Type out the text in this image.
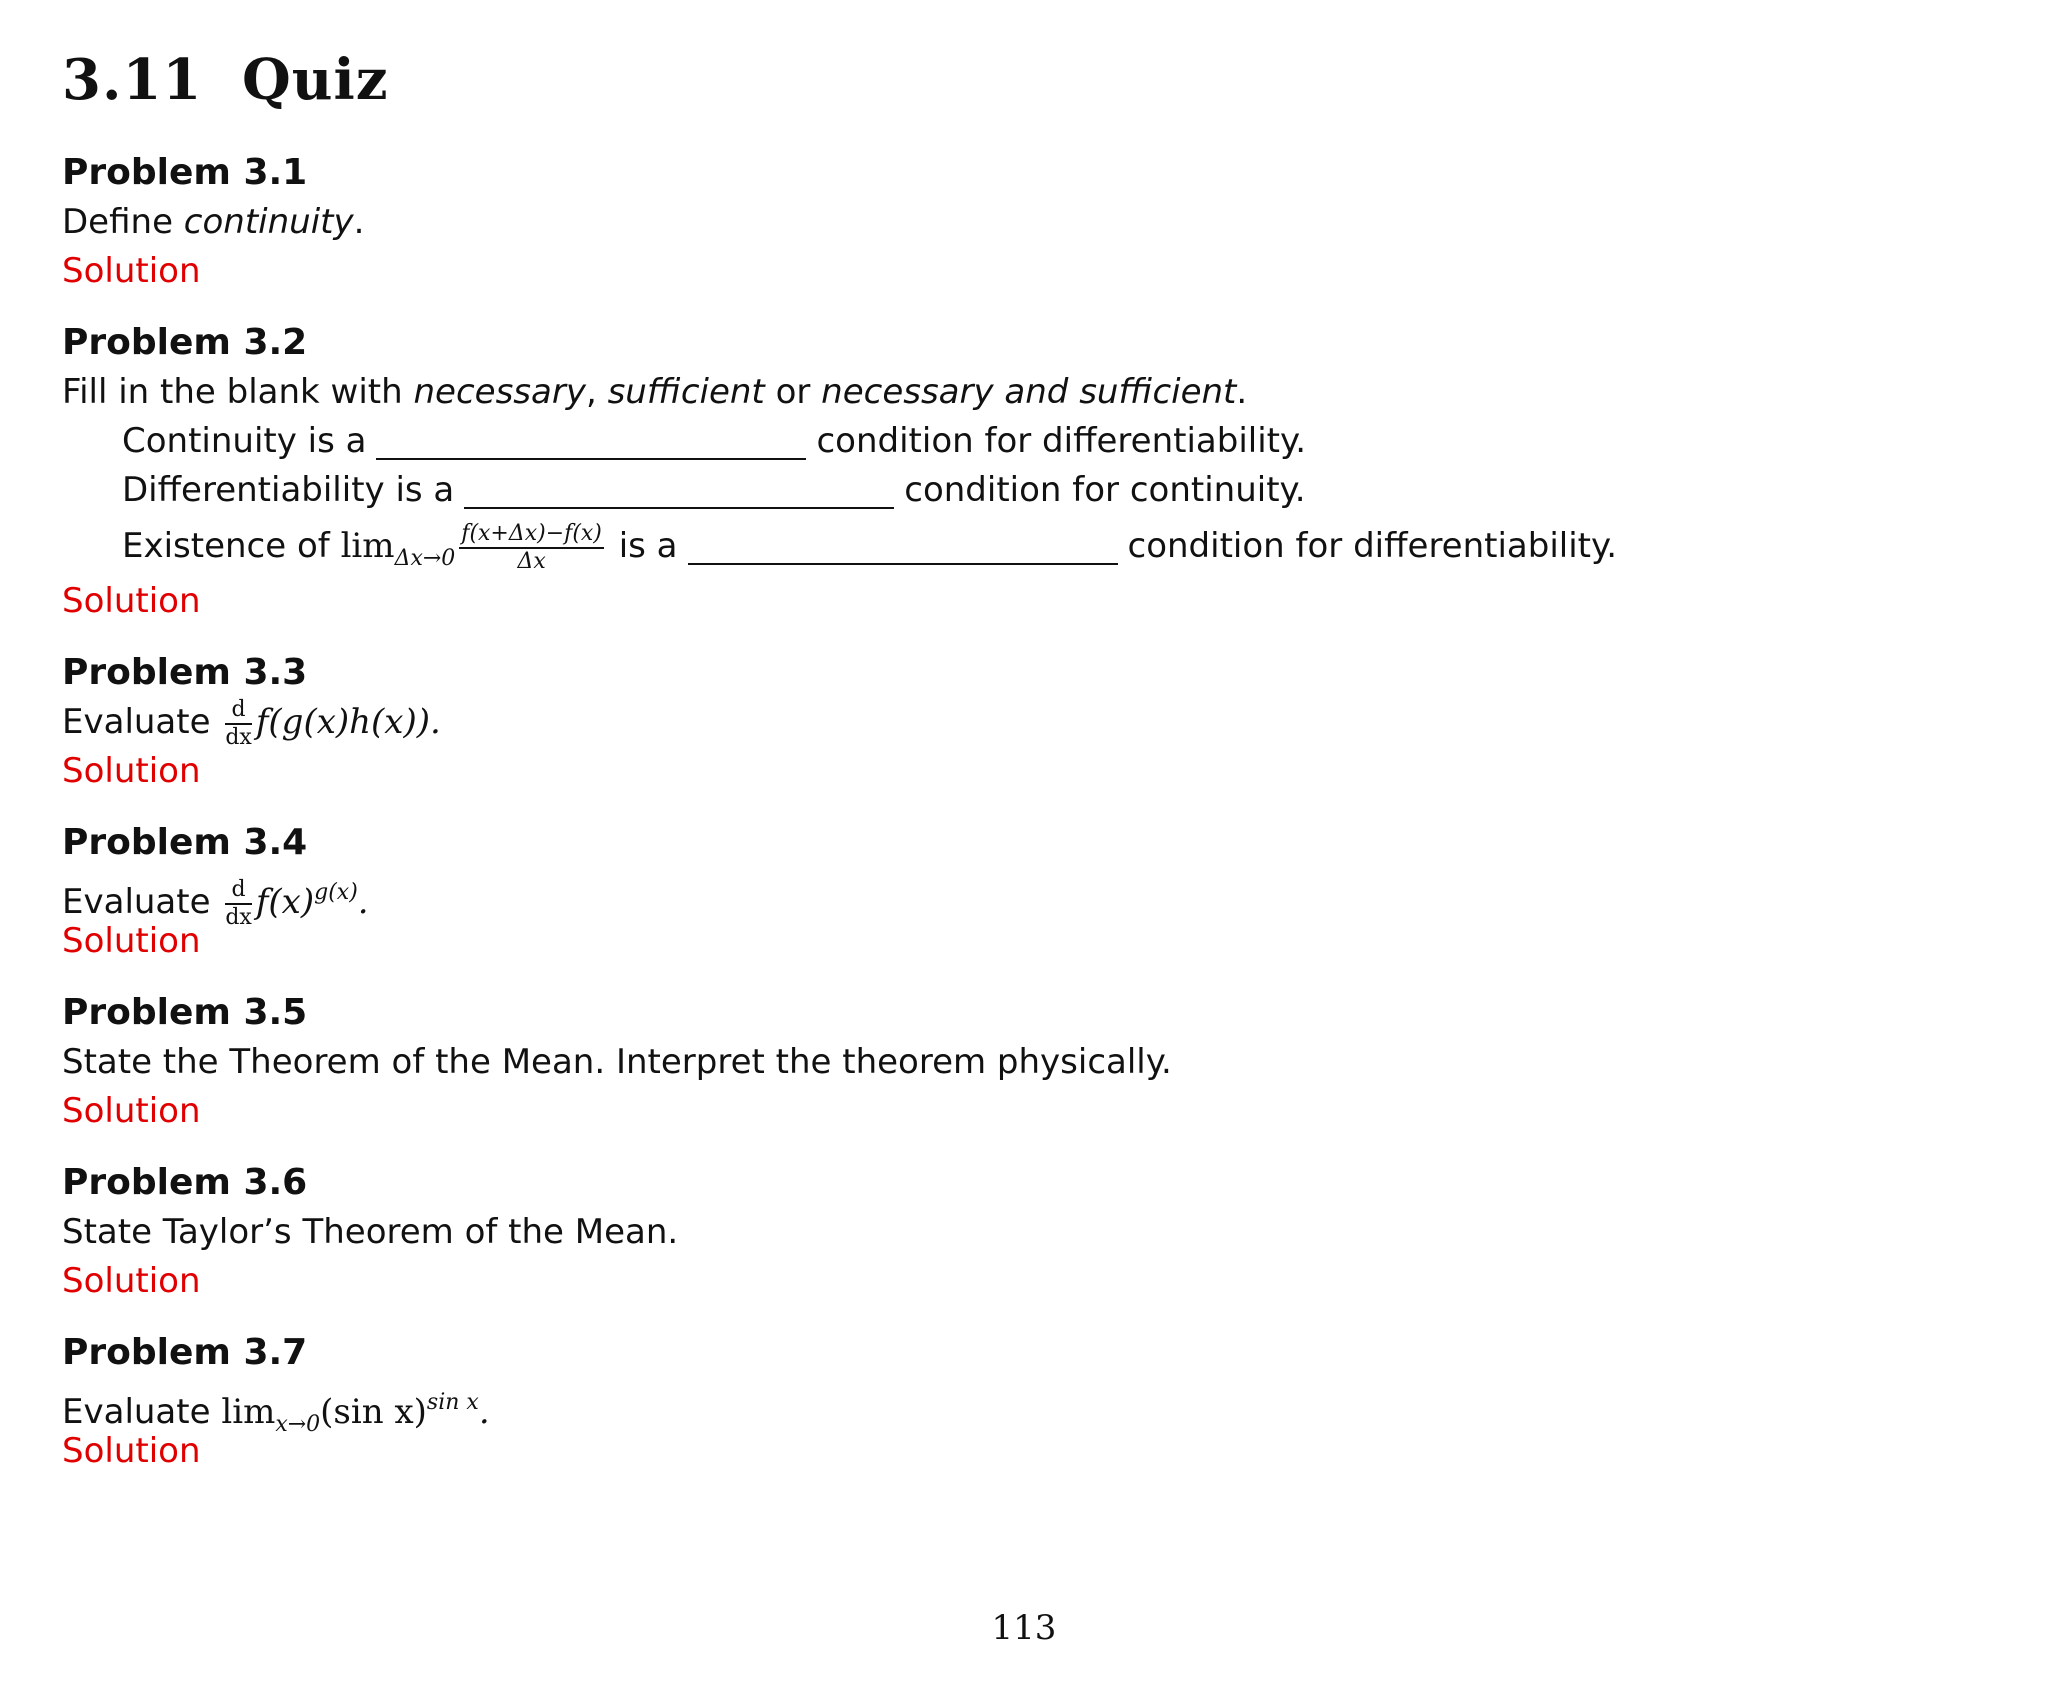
3.11 Quiz
Problem 3.1
Define continuity.
Solution
Problem 3.2
Fill in the blank with necessary, sufficient or necessary and sufficient.
Continuity is a	condition for differentiability.
Differentiability is a	condition for continuity.
Existence of $\lim_{\Delta x\to 0} \frac{f(x+\Delta x)-f(x)}{\Delta x}$ is a	condition for differentiability.
Solution
Problem 3.3
Evaluate $\frac{d}{dx} f(g(x)h(x))$.
Solution
Problem 3.4
Evaluate $\frac{d}{dx} f(x)^{g(x)}$.
Solution
Problem 3.5
State the Theorem of the Mean. Interpret the theorem physically.
Solution
Problem 3.6
State Taylor’s Theorem of the Mean.
Solution
Problem 3.7
Evaluate $\lim_{x\to 0}(\sin$ x)$^{sin x}$.
Solution
113
